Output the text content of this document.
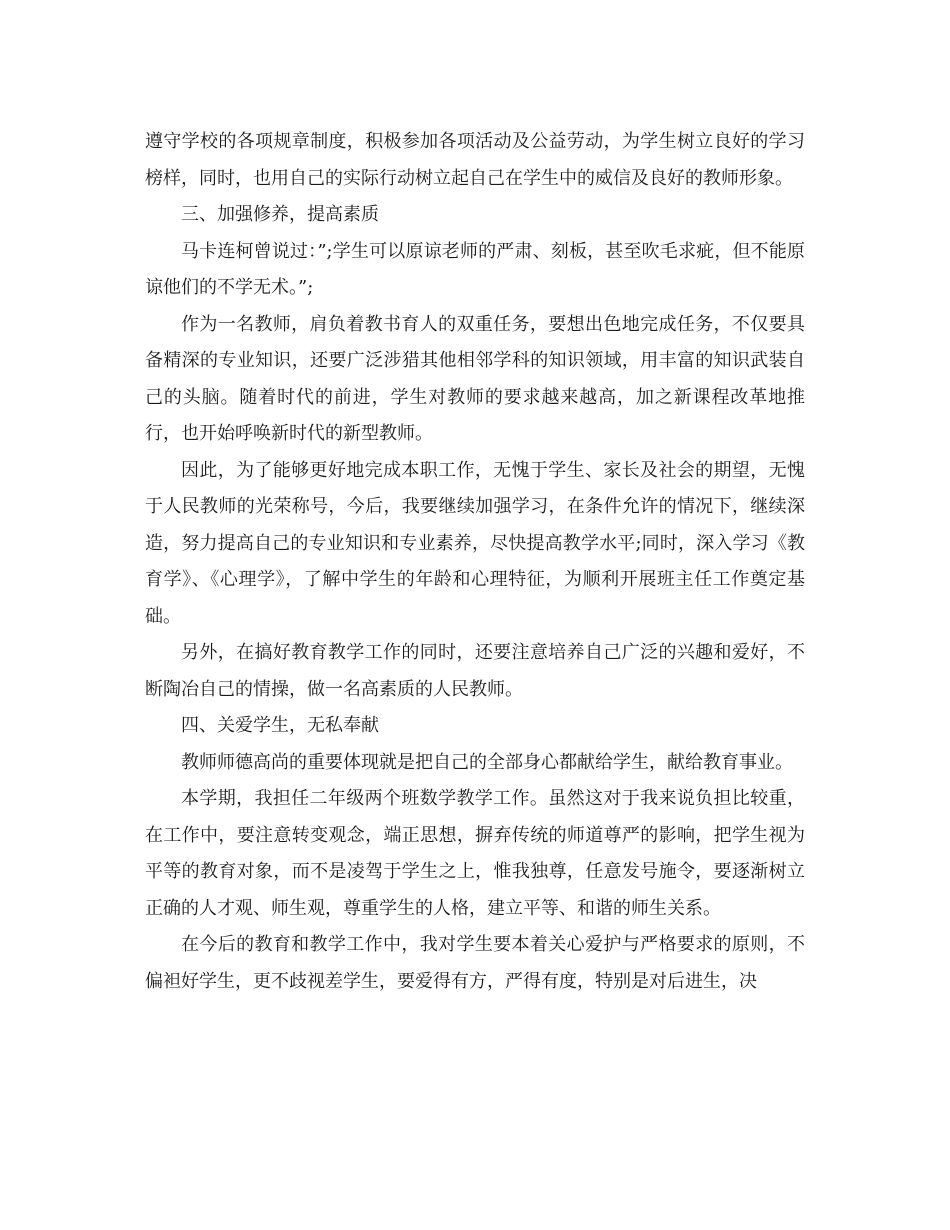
遵守学校的各项规章制度，积极参加各项活动及公益劳动，为学生树立良好的学习榜样，同时，也用自己的实际行动树立起自己在学生中的威信及良好的教师形象。

三、加强修养，提高素质

马卡连柯曾说过：”;学生可以原谅老师的严肃、刻板，甚至吹毛求疵，但不能原谅他们的不学无术。”;

作为一名教师，肩负着教书育人的双重任务，要想出色地完成任务，不仅要具备精深的专业知识，还要广泛涉猎其他相邻学科的知识领域，用丰富的知识武装自己的头脑。随着时代的前进，学生对教师的要求越来越高，加之新课程改革地推行，也开始呼唤新时代的新型教师。

因此，为了能够更好地完成本职工作，无愧于学生、家长及社会的期望，无愧于人民教师的光荣称号，今后，我要继续加强学习，在条件允许的情况下，继续深造，努力提高自己的专业知识和专业素养，尽快提高教学水平;同时，深入学习《教育学》、《心理学》，了解中学生的年龄和心理特征，为顺利开展班主任工作奠定基础。

另外，在搞好教育教学工作的同时，还要注意培养自己广泛的兴趣和爱好，不断陶冶自己的情操，做一名高素质的人民教师。

四、关爱学生，无私奉献

教师师德高尚的重要体现就是把自己的全部身心都献给学生，献给教育事业。

本学期，我担任二年级两个班数学教学工作。虽然这对于我来说负担比较重，在工作中，要注意转变观念，端正思想，摒弃传统的师道尊严的影响，把学生视为平等的教育对象，而不是凌驾于学生之上，惟我独尊，任意发号施令，要逐渐树立正确的人才观、师生观，尊重学生的人格，建立平等、和谐的师生关系。

在今后的教育和教学工作中，我对学生要本着关心爱护与严格要求的原则，不偏袒好学生，更不歧视差学生，要爱得有方，严得有度，特别是对后进生，决
